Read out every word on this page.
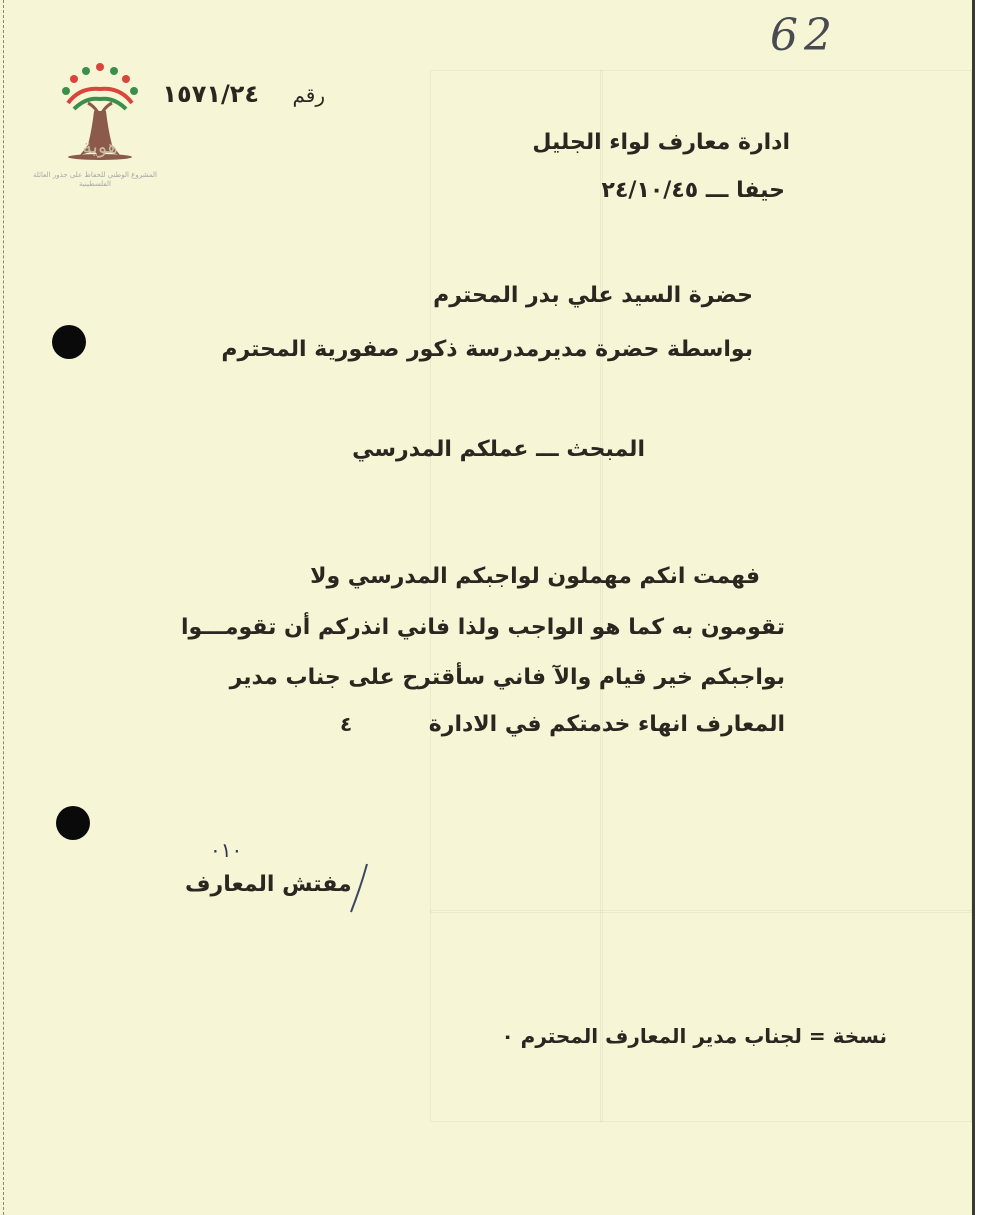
62
هوية
المشروع الوطني للحفاظ على جذور العائلة الفلسطينية
رقم    ١٥٧١/٢٤
ادارة معارف لواء الجليل
حيفا ـــ ٢٤/١٠/٤٥
حضرة السيد علي بدر المحترم
بواسطة حضرة مديرمدرسة ذكور صفورية المحترم
المبحث ـــ عملكم المدرسي
فهمت انكم مهملون لواجبكم المدرسي ولا
تقومون به كما هو الواجب ولذا فاني انذركم أن تقومـــوا
بواجبكم خير قيام والآ فاني سأقترح على جناب مدير
المعارف انهاء خدمتكم في الادارة
٤
٠١٠
مفتش المعارف
نسخة = لجناب مدير المعارف المحترم ٠
